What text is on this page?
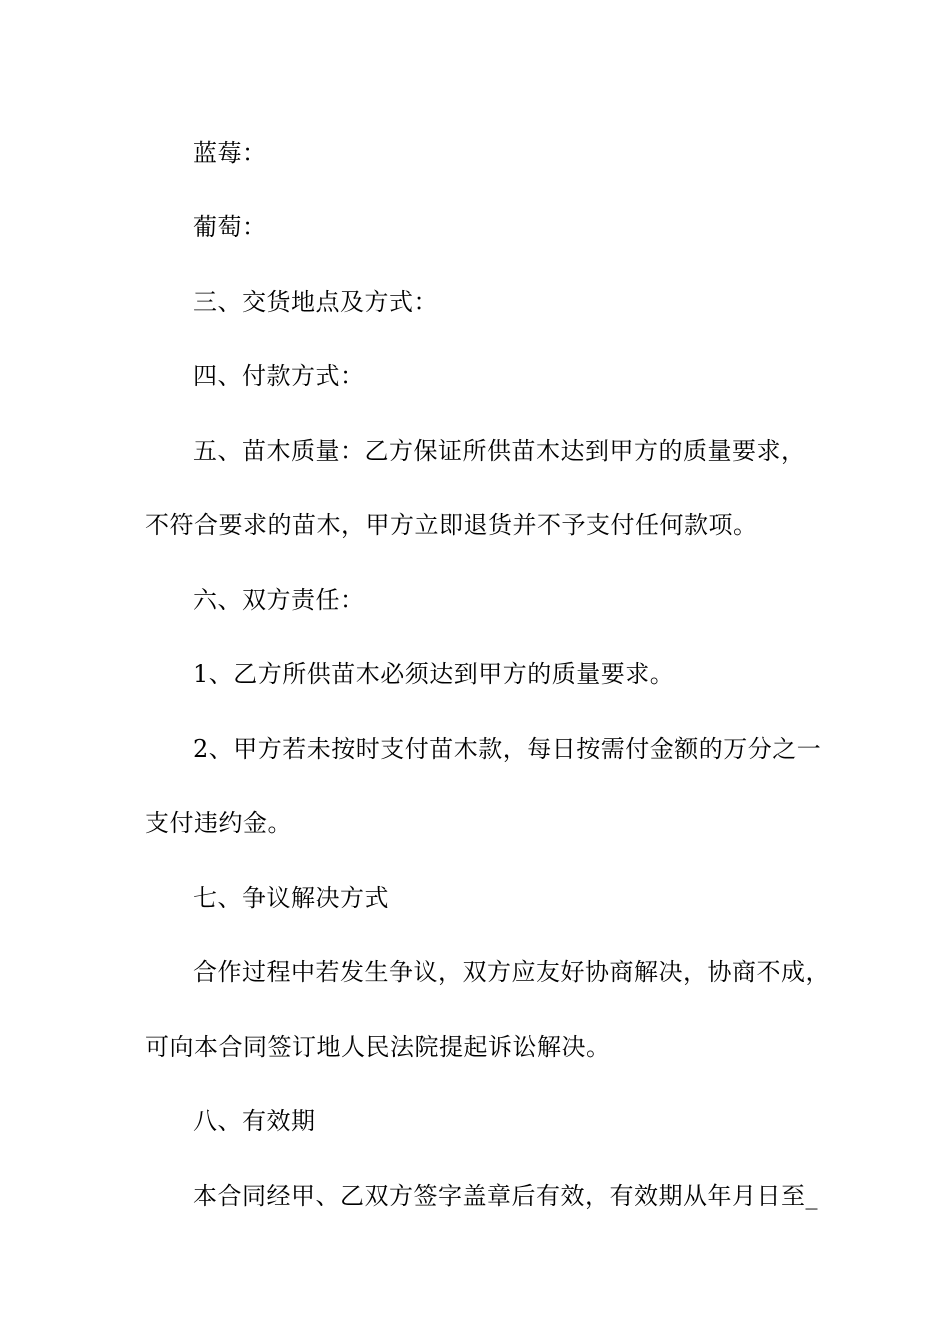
蓝莓：
葡萄：
三、交货地点及方式：
四、付款方式：
五、苗木质量：乙方保证所供苗木达到甲方的质量要求，
不符合要求的苗木，甲方立即退货并不予支付任何款项。
六、双方责任：
1、乙方所供苗木必须达到甲方的质量要求。
2、甲方若未按时支付苗木款，每日按需付金额的万分之一
支付违约金。
七、争议解决方式
合作过程中若发生争议，双方应友好协商解决，协商不成，
可向本合同签订地人民法院提起诉讼解决。
八、有效期
本合同经甲、乙双方签字盖章后有效，有效期从年月日至_
